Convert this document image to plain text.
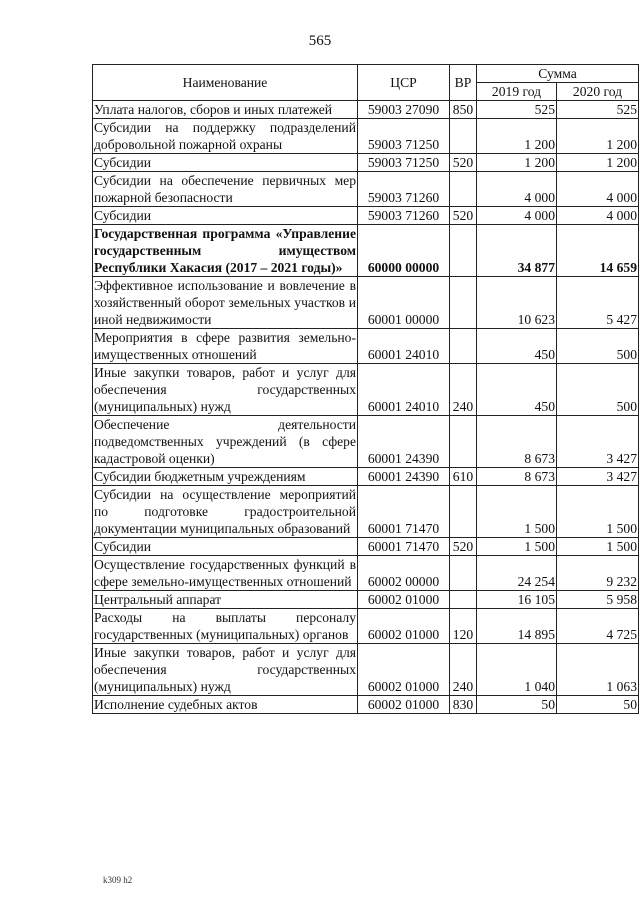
565
Наименование	ЦСР	ВР	Сумма	
			2019 год	2020 год
Уплата налогов, сборов и иных платежей	59003 27090	850	525	525
Субсидии на поддержку подразделений добровольной пожарной охраны	59003 71250		1 200	1 200
Субсидии	59003 71250	520	1 200	1 200
Субсидии на обеспечение первичных мер пожарной безопасности	59003 71260		4 000	4 000
Субсидии	59003 71260	520	4 000	4 000
Государственная программа «Управление государственным имуществом Республики Хакасия (2017 – 2021 годы)»	60000 00000		34 877	14 659
Эффективное использование и вовлечение в хозяйственный оборот земельных участков и иной недвижимости	60001 00000		10 623	5 427
Мероприятия в сфере развития земельно-имущественных отношений	60001 24010		450	500
Иные закупки товаров, работ и услуг для обеспечения государственных (муниципальных) нужд	60001 24010	240	450	500
Обеспечение деятельности подведомственных учреждений (в сфере кадастровой оценки)	60001 24390		8 673	3 427
Субсидии бюджетным учреждениям	60001 24390	610	8 673	3 427
Субсидии на осуществление мероприятий по подготовке градостроительной документации муниципальных образований	60001 71470		1 500	1 500
Субсидии	60001 71470	520	1 500	1 500
Осуществление государственных функций в сфере земельно-имущественных отношений	60002 00000		24 254	9 232
Центральный аппарат	60002 01000		16 105	5 958
Расходы на выплаты персоналу государственных (муниципальных) органов	60002 01000	120	14 895	4 725
Иные закупки товаров, работ и услуг для обеспечения государственных (муниципальных) нужд	60002 01000	240	1 040	1 063
Исполнение судебных актов	60002 01000	830	50	50
k309 h2
